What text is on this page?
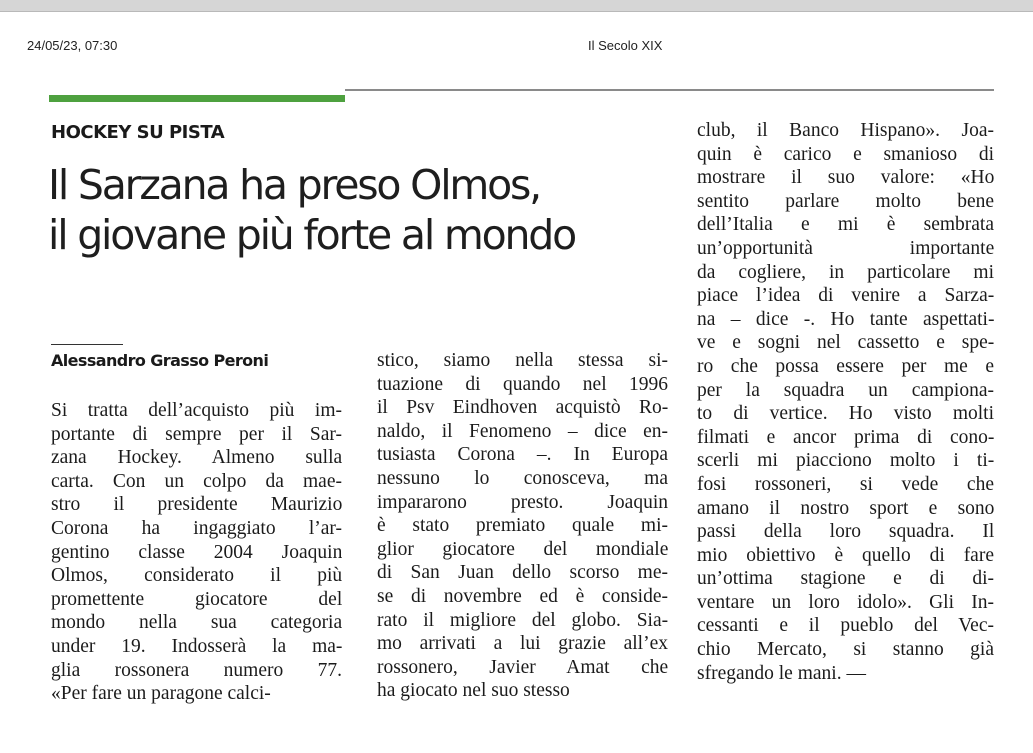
24/05/23, 07:30	Il Secolo XIX
HOCKEY SU PISTA
Il Sarzana ha preso Olmos,
il giovane più forte al mondo
Alessandro Grasso Peroni
Si tratta dell’acquisto più im-
portante di sempre per il Sar-
zana Hockey. Almeno sulla
carta. Con un colpo da mae-
stro il presidente Maurizio
Corona ha ingaggiato l’ar-
gentino classe 2004 Joaquin
Olmos, considerato il più
promettente giocatore del
mondo nella sua categoria
under 19. Indosserà la ma-
glia rossonera numero 77.
«Per fare un paragone calci-
stico, siamo nella stessa si-
tuazione di quando nel 1996
il Psv Eindhoven acquistò Ro-
naldo, il Fenomeno – dice en-
tusiasta Corona –. In Europa
nessuno lo conosceva, ma
impararono presto. Joaquin
è stato premiato quale mi-
glior giocatore del mondiale
di San Juan dello scorso me-
se di novembre ed è conside-
rato il migliore del globo. Sia-
mo arrivati a lui grazie all’ex
rossonero, Javier Amat che
ha giocato nel suo stesso
club, il Banco Hispano». Joa-
quin è carico e smanioso di
mostrare il suo valore: «Ho
sentito parlare molto bene
dell’Italia e mi è sembrata
un’opportunità importante
da cogliere, in particolare mi
piace l’idea di venire a Sarza-
na – dice -. Ho tante aspettati-
ve e sogni nel cassetto e spe-
ro che possa essere per me e
per la squadra un campiona-
to di vertice. Ho visto molti
filmati e ancor prima di cono-
scerli mi piacciono molto i ti-
fosi rossoneri, si vede che
amano il nostro sport e sono
passi della loro squadra. Il
mio obiettivo è quello di fare
un’ottima stagione e di di-
ventare un loro idolo». Gli In-
cessanti e il pueblo del Vec-
chio Mercato, si stanno già
sfregando le mani. —
